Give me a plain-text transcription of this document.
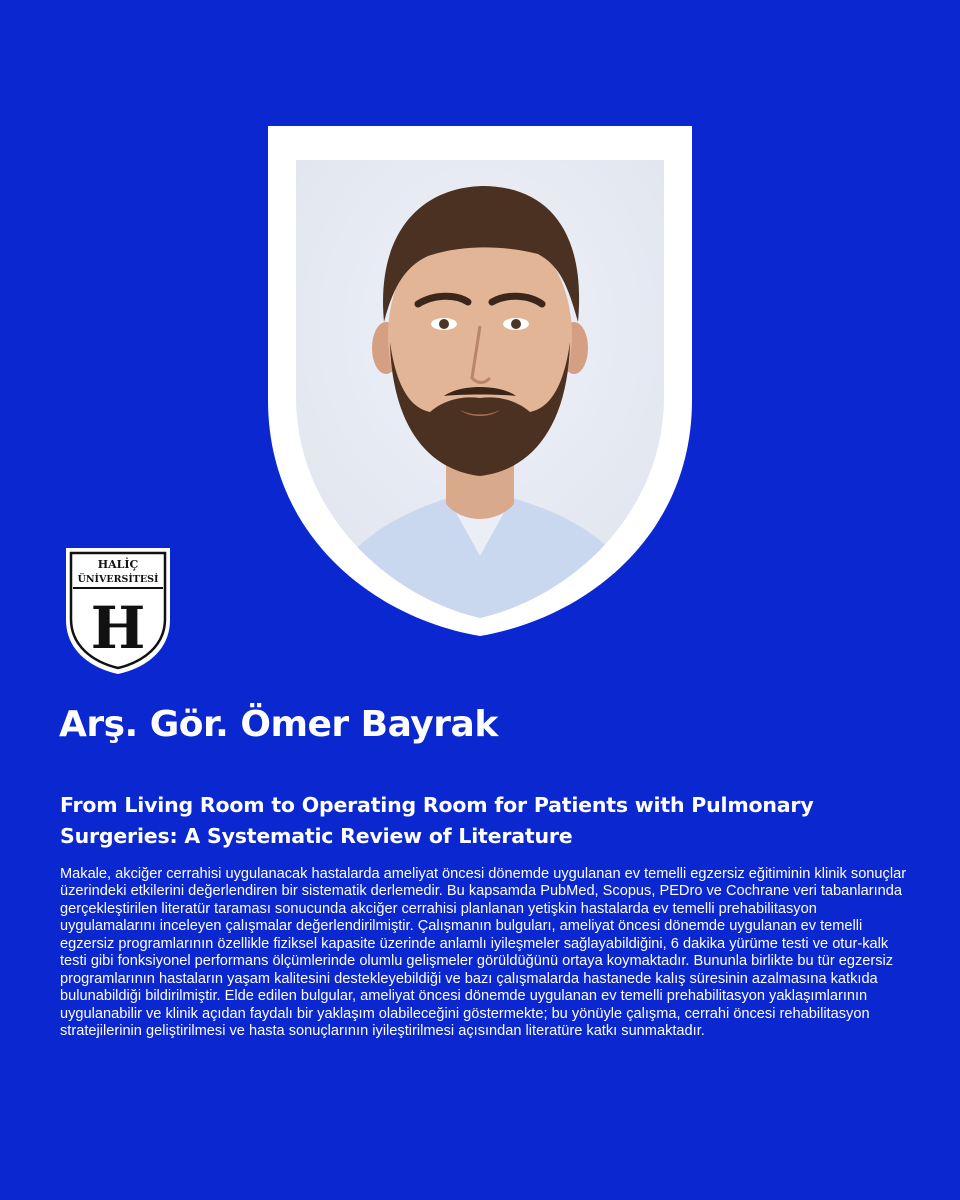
HALİÇ
ÜNİVERSİTESİ
H
Arş. Gör. Ömer Bayrak
From Living Room to Operating Room for Patients with Pulmonary Surgeries: A Systematic Review of Literature

Makale, akciğer cerrahisi uygulanacak hastalarda ameliyat öncesi dönemde uygulanan ev temelli egzersiz eğitiminin klinik sonuçlar üzerindeki etkilerini değerlendiren bir sistematik derlemedir. Bu kapsamda PubMed, Scopus, PEDro ve Cochrane veri tabanlarında gerçekleştirilen literatür taraması sonucunda akciğer cerrahisi planlanan yetişkin hastalarda ev temelli prehabilitasyon uygulamalarını inceleyen çalışmalar değerlendirilmiştir. Çalışmanın bulguları, ameliyat öncesi dönemde uygulanan ev temelli egzersiz programlarının özellikle fiziksel kapasite üzerinde anlamlı iyileşmeler sağlayabildiğini, 6 dakika yürüme testi ve otur-kalk testi gibi fonksiyonel performans ölçümlerinde olumlu gelişmeler görüldüğünü ortaya koymaktadır. Bununla birlikte bu tür egzersiz programlarının hastaların yaşam kalitesini destekleyebildiği ve bazı çalışmalarda hastanede kalış süresinin azalmasına katkıda bulunabildiği bildirilmiştir. Elde edilen bulgular, ameliyat öncesi dönemde uygulanan ev temelli prehabilitasyon yaklaşımlarının uygulanabilir ve klinik açıdan faydalı bir yaklaşım olabileceğini göstermekte; bu yönüyle çalışma, cerrahi öncesi rehabilitasyon stratejilerinin geliştirilmesi ve hasta sonuçlarının iyileştirilmesi açısından literatüre katkı sunmaktadır.
